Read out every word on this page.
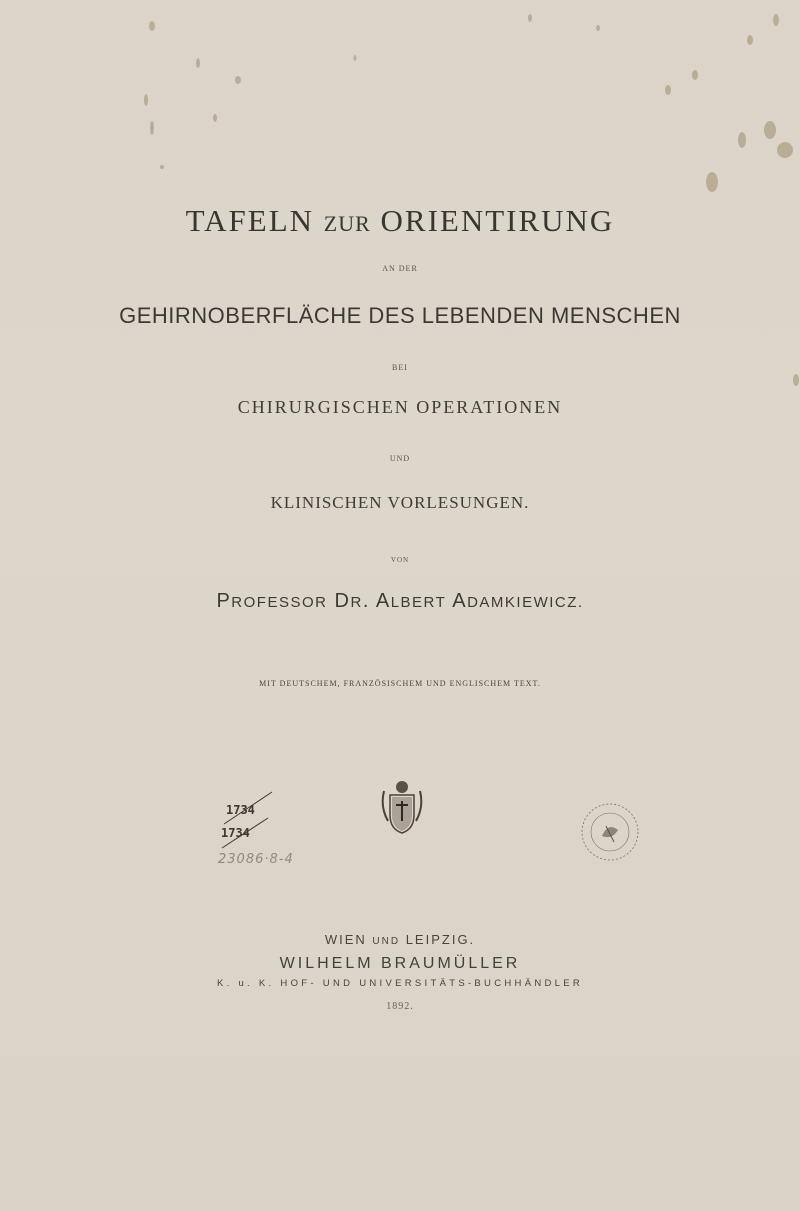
TAFELN ZUR ORIENTIRUNG
AN DER
GEHIRNOBERFLÄCHE DES LEBENDEN MENSCHEN
BEI
CHIRURGISCHEN OPERATIONEN
UND
KLINISCHEN VORLESUNGEN.
VON
PROFESSOR DR. ALBERT ADAMKIEWICZ.
MIT DEUTSCHEM, FRANZÖSISCHEM UND ENGLISCHEM TEXT.
1734
1734
23086·8-4
WIEN UND LEIPZIG.
WILHELM BRAUMÜLLER
K. u. K. HOF- UND UNIVERSITÄTS-BUCHHÄNDLER
1892.
